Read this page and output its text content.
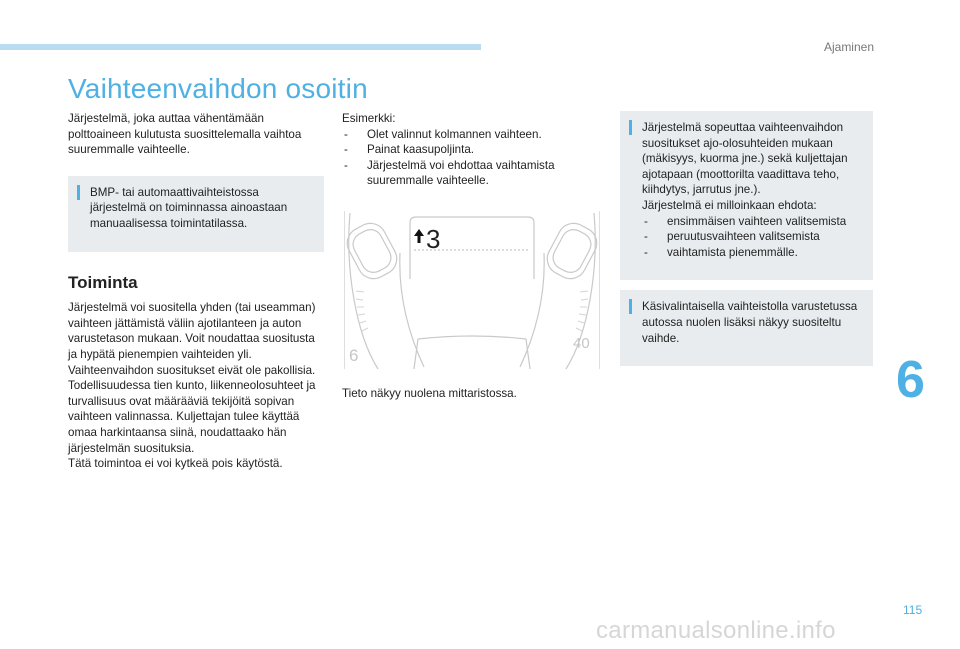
Ajaminen
Vaihteenvaihdon osoitin

Järjestelmä, joka auttaa vähentämään polttoaineen kulutusta suosittelemalla vaihtoa suuremmalle vaihteelle.

BMP- tai automaattivaihteistossa järjestelmä on toiminnassa ainoastaan manuaalisessa toimintatilassa.

Toiminta

Järjestelmä voi suositella yhden (tai useamman) vaihteen jättämistä väliin ajotilanteen ja auton varustetason mukaan. Voit noudattaa suositusta ja hypätä pienempien vaihteiden yli.

Vaihteenvaihdon suositukset eivät ole pakollisia. Todellisuudessa tien kunto, liikenneolosuhteet ja turvallisuus ovat määrääviä tekijöitä sopivan vaihteen valinnassa. Kuljettajan tulee käyttää omaa harkintaansa siinä, noudattaako hän järjestelmän suosituksia.

Tätä toimintoa ei voi kytkeä pois käytöstä.

Esimerkki:

- Olet valinnut kolmannen vaihteen.
- Painat kaasupoljinta.
- Järjestelmä voi ehdottaa vaihtamista suuremmalle vaihteelle.
3
6
40

Tieto näkyy nuolena mittaristossa.

Järjestelmä sopeuttaa vaihteenvaihdon suositukset ajo-olosuhteiden mukaan (mäkisyys, kuorma jne.) sekä kuljettajan ajotapaan (moottorilta vaadittava teho, kiihdytys, jarrutus jne.).

Järjestelmä ei milloinkaan ehdota:

- ensimmäisen vaihteen valitsemista
- peruutusvaihteen valitsemista
- vaihtamista pienemmälle.

Käsivalintaisella vaihteistolla varustetussa autossa nuolen lisäksi näkyy suositeltu vaihde.

6
115
carmanualsonline.info
